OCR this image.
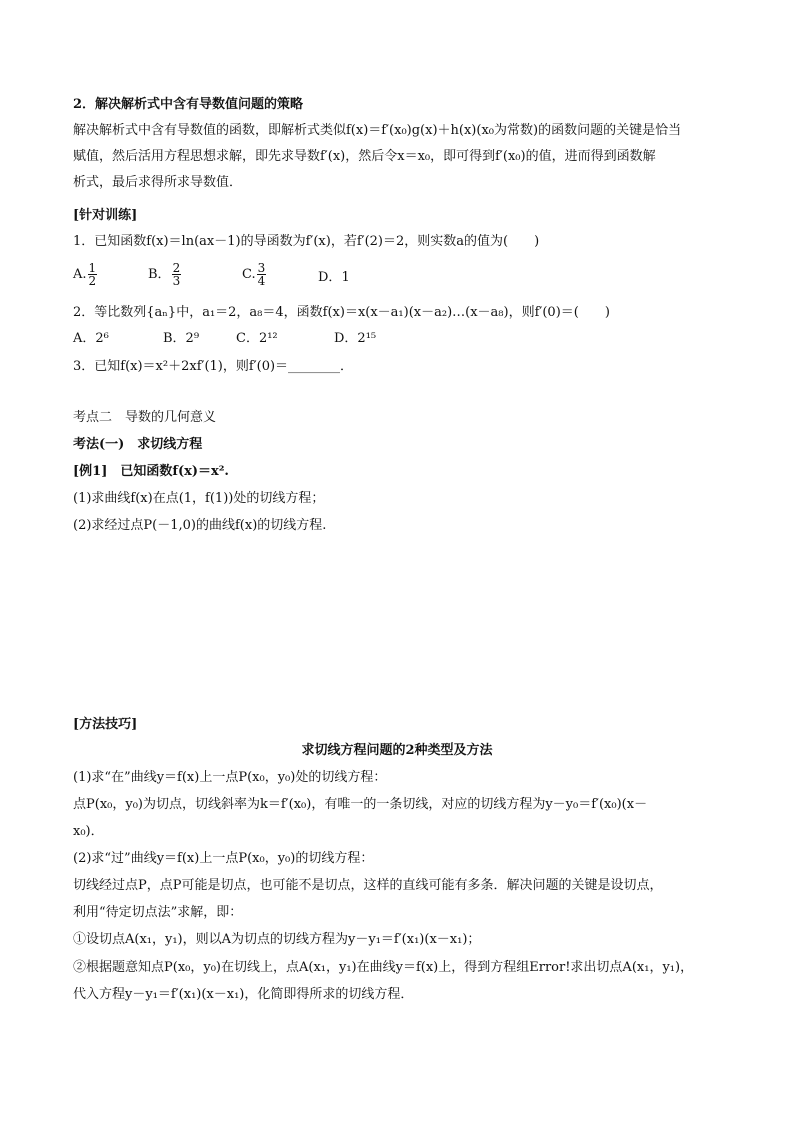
2．解决解析式中含有导数值问题的策略
解决解析式中含有导数值的函数，即解析式类似f(x)＝f′(x₀)g(x)＋h(x)(x₀为常数)的函数问题的关键是恰当
赋值，然后活用方程思想求解，即先求导数f′(x)，然后令x＝x₀，即可得到f′(x₀)的值，进而得到函数解
析式，最后求得所求导数值．
[针对训练]
1．已知函数f(x)＝ln(ax－1)的导函数为f′(x)，若f′(2)＝2，则实数a的值为(　　)
A. $\frac{1}{2}$	B． $\frac{2}{3}$	C. $\frac{3}{4}$	D．1
2．等比数列{aₙ}中，a₁＝2，a₈＝4，函数f(x)＝x(x－a₁)(x－a₂)…(x－a₈)，则f′(0)＝(　　)
A．2⁶	B．2⁹	C．2¹²	D．2¹⁵
3．已知f(x)＝x²＋2xf′(1)，则f′(0)＝________．
考点二　导数的几何意义
考法(一)　求切线方程
[例1]　已知函数f(x)＝x².
(1)求曲线f(x)在点(1，f(1))处的切线方程；
(2)求经过点P(－1,0)的曲线f(x)的切线方程.
[方法技巧]
求切线方程问题的2种类型及方法
(1)求“在”曲线y＝f(x)上一点P(x₀，y₀)处的切线方程：
点P(x₀，y₀)为切点，切线斜率为k＝f′(x₀)，有唯一的一条切线，对应的切线方程为y－y₀＝f′(x₀)(x－
x₀)．
(2)求“过”曲线y＝f(x)上一点P(x₀，y₀)的切线方程：
切线经过点P，点P可能是切点，也可能不是切点，这样的直线可能有多条．解决问题的关键是设切点，
利用“待定切点法”求解，即：
①设切点A(x₁，y₁)，则以A为切点的切线方程为y－y₁＝f′(x₁)(x－x₁)；
②根据题意知点P(x₀，y₀)在切线上，点A(x₁，y₁)在曲线y＝f(x)上，得到方程组Error!求出切点A(x₁，y₁)，
代入方程y－y₁＝f′(x₁)(x－x₁)，化简即得所求的切线方程．
